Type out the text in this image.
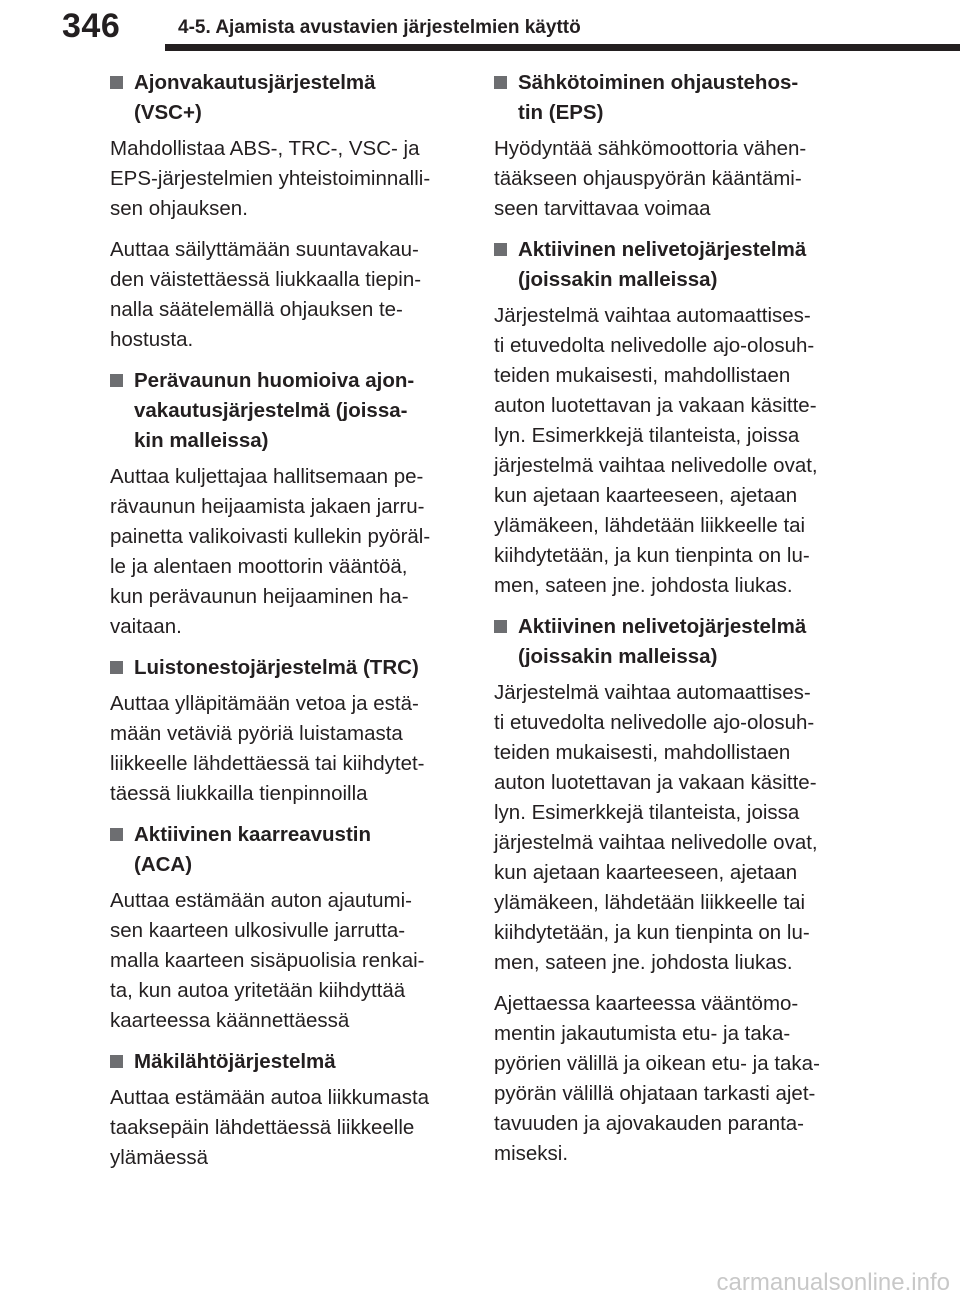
346	4-5. Ajamista avustavien järjestelmien käyttö
Ajonvakautusjärjestelmä
(VSC+)
Mahdollistaa ABS-, TRC-, VSC- ja
EPS-järjestelmien yhteistoiminnalli-
sen ohjauksen.
Auttaa säilyttämään suuntavakau-
den väistettäessä liukkaalla tiepin-
nalla säätelemällä ohjauksen te-
hostusta.
Perävaunun huomioiva ajon-
vakautusjärjestelmä (joissa-
kin malleissa)
Auttaa kuljettajaa hallitsemaan pe-
rävaunun heijaamista jakaen jarru-
painetta valikoivasti kullekin pyöräl-
le ja alentaen moottorin vääntöä,
kun perävaunun heijaaminen ha-
vaitaan.
Luistonestojärjestelmä (TRC)
Auttaa ylläpitämään vetoa ja estä-
mään vetäviä pyöriä luistamasta
liikkeelle lähdettäessä tai kiihdytet-
täessä liukkailla tienpinnoilla
Aktiivinen kaarreavustin
(ACA)
Auttaa estämään auton ajautumi-
sen kaarteen ulkosivulle jarrutta-
malla kaarteen sisäpuolisia renkai-
ta, kun autoa yritetään kiihdyttää
kaarteessa käännettäessä
Mäkilähtöjärjestelmä
Auttaa estämään autoa liikkumasta
taaksepäin lähdettäessä liikkeelle
ylämäessä
Sähkötoiminen ohjaustehos-
tin (EPS)
Hyödyntää sähkömoottoria vähen-
tääkseen ohjauspyörän kääntämi-
seen tarvittavaa voimaa
Aktiivinen nelivetojärjestelmä
(joissakin malleissa)
Järjestelmä vaihtaa automaattises-
ti etuvedolta nelivedolle ajo-olosuh-
teiden mukaisesti, mahdollistaen
auton luotettavan ja vakaan käsitte-
lyn. Esimerkkejä tilanteista, joissa
järjestelmä vaihtaa nelivedolle ovat,
kun ajetaan kaarteeseen, ajetaan
ylämäkeen, lähdetään liikkeelle tai
kiihdytetään, ja kun tienpinta on lu-
men, sateen jne. johdosta liukas.
Aktiivinen nelivetojärjestelmä
(joissakin malleissa)
Järjestelmä vaihtaa automaattises-
ti etuvedolta nelivedolle ajo-olosuh-
teiden mukaisesti, mahdollistaen
auton luotettavan ja vakaan käsitte-
lyn. Esimerkkejä tilanteista, joissa
järjestelmä vaihtaa nelivedolle ovat,
kun ajetaan kaarteeseen, ajetaan
ylämäkeen, lähdetään liikkeelle tai
kiihdytetään, ja kun tienpinta on lu-
men, sateen jne. johdosta liukas.
Ajettaessa kaarteessa vääntömo-
mentin jakautumista etu- ja taka-
pyörien välillä ja oikean etu- ja taka-
pyörän välillä ohjataan tarkasti ajet-
tavuuden ja ajovakauden paranta-
miseksi.
carmanualsonline.info
